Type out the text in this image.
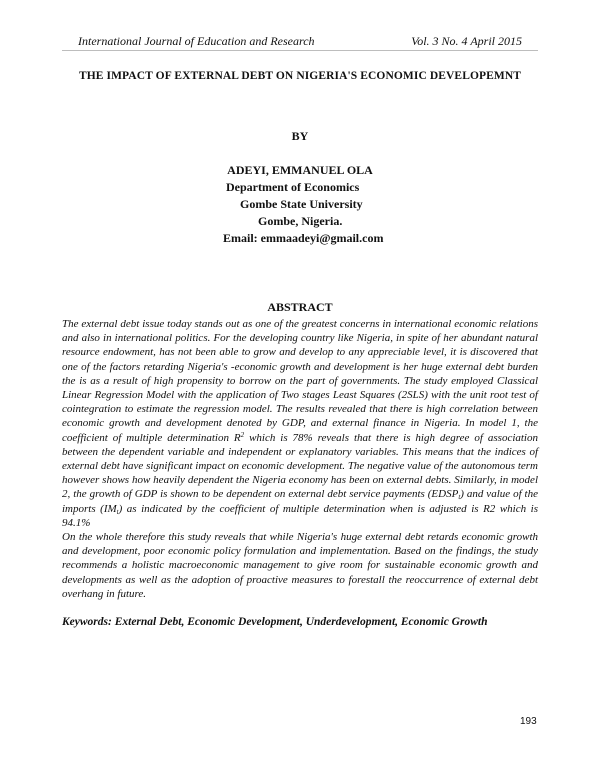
International Journal of Education and Research	Vol. 3 No. 4 April 2015
THE IMPACT OF EXTERNAL DEBT ON NIGERIA'S ECONOMIC DEVELOPEMNT
BY
ADEYI, EMMANUEL OLA
Department of Economics
Gombe State University
Gombe, Nigeria.
Email: emmaadeyi@gmail.com
ABSTRACT

The external debt issue today stands out as one of the greatest concerns in international economic relations and also in international politics. For the developing country like Nigeria, in spite of her abundant natural resource endowment, has not been able to grow and develop to any appreciable level, it is discovered that one of the factors retarding Nigeria's -economic growth and development is her huge external debt burden the is as a result of high propensity to borrow on the part of governments. The study employed Classical Linear Regression Model with the application of Two stages Least Squares (2SLS) with the unit root test of cointegration to estimate the regression model. The results revealed that there is high correlation between economic growth and development denoted by GDP, and external finance in Nigeria. In model 1, the coefficient of multiple determination $R^2$ which is 78% reveals that there is high degree of association between the dependent variable and independent or explanatory variables. This means that the indices of external debt have significant impact on economic development. The negative value of the autonomous term however shows how heavily dependent the Nigeria economy has been on external debts. Similarly, in model 2, the growth of GDP is shown to be dependent on external debt service payments $(EDSP_t)$ and value of the imports $(IM_t)$ as indicated by the coefficient of multiple determination when is adjusted is R2 which is 94.1%

On the whole therefore this study reveals that while Nigeria's huge external debt retards economic growth and development, poor economic policy formulation and implementation. Based on the findings, the study recommends a holistic macroeconomic management to give room for sustainable economic growth and developments as well as the adoption of proactive measures to forestall the reoccurrence of external debt overhang in future.

Keywords: External Debt, Economic Development, Underdevelopment, Economic Growth
193
